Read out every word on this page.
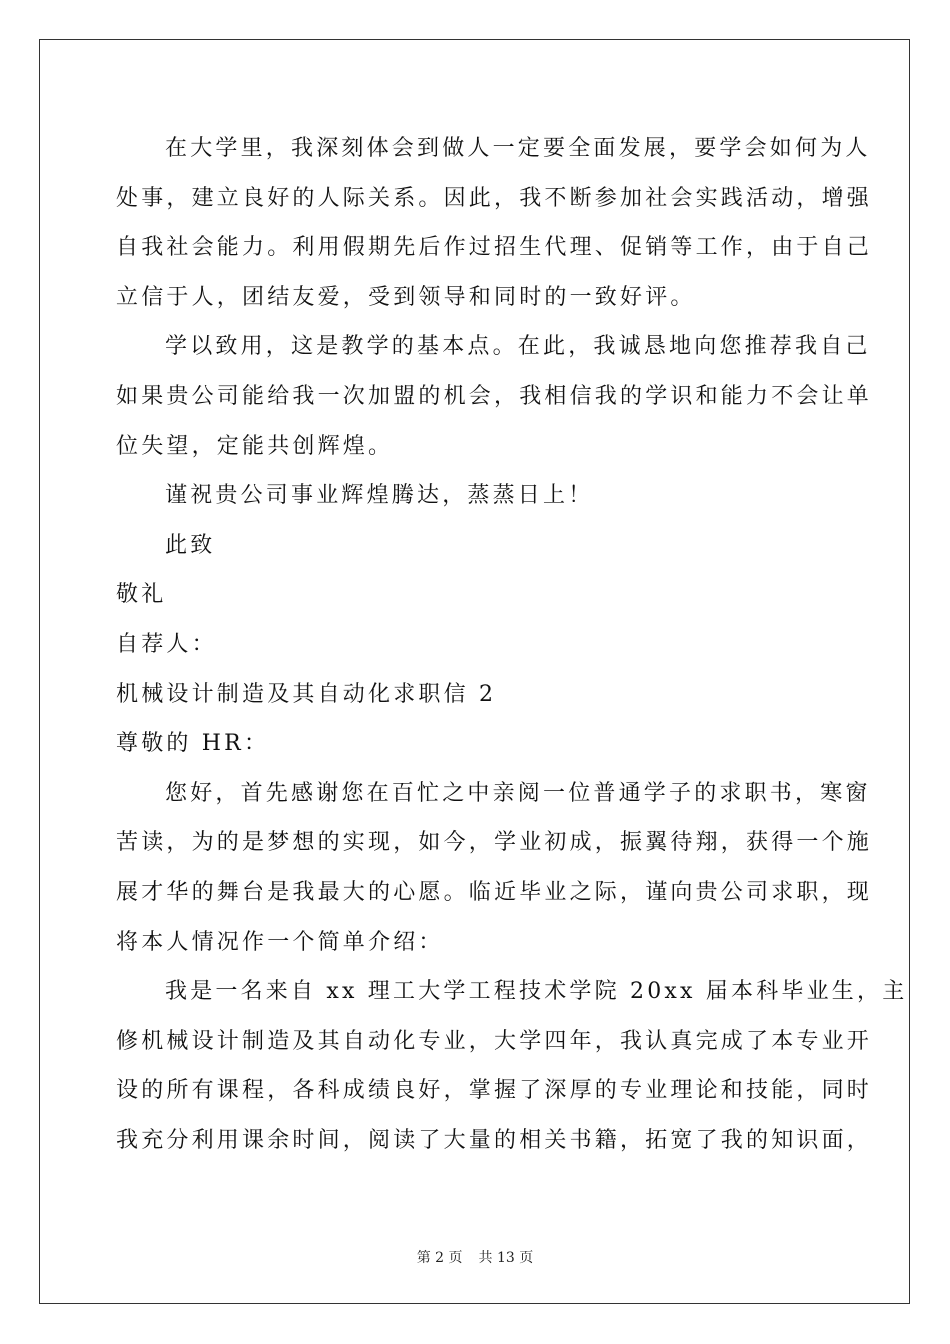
在大学里，我深刻体会到做人一定要全面发展，要学会如何为人
处事，建立良好的人际关系。因此，我不断参加社会实践活动，增强
自我社会能力。利用假期先后作过招生代理、促销等工作，由于自己
立信于人，团结友爱，受到领导和同时的一致好评。
学以致用，这是教学的基本点。在此，我诚恳地向您推荐我自己
如果贵公司能给我一次加盟的机会，我相信我的学识和能力不会让单
位失望，定能共创辉煌。
谨祝贵公司事业辉煌腾达，蒸蒸日上！
此致
敬礼
自荐人：
机械设计制造及其自动化求职信 2
尊敬的 HR：
您好，首先感谢您在百忙之中亲阅一位普通学子的求职书，寒窗
苦读，为的是梦想的实现，如今，学业初成，振翼待翔，获得一个施
展才华的舞台是我最大的心愿。临近毕业之际，谨向贵公司求职，现
将本人情况作一个简单介绍：
我是一名来自 xx 理工大学工程技术学院 20xx 届本科毕业生，主
修机械设计制造及其自动化专业，大学四年，我认真完成了本专业开
设的所有课程，各科成绩良好，掌握了深厚的专业理论和技能，同时
我充分利用课余时间，阅读了大量的相关书籍，拓宽了我的知识面，
第 2 页 共 13 页
